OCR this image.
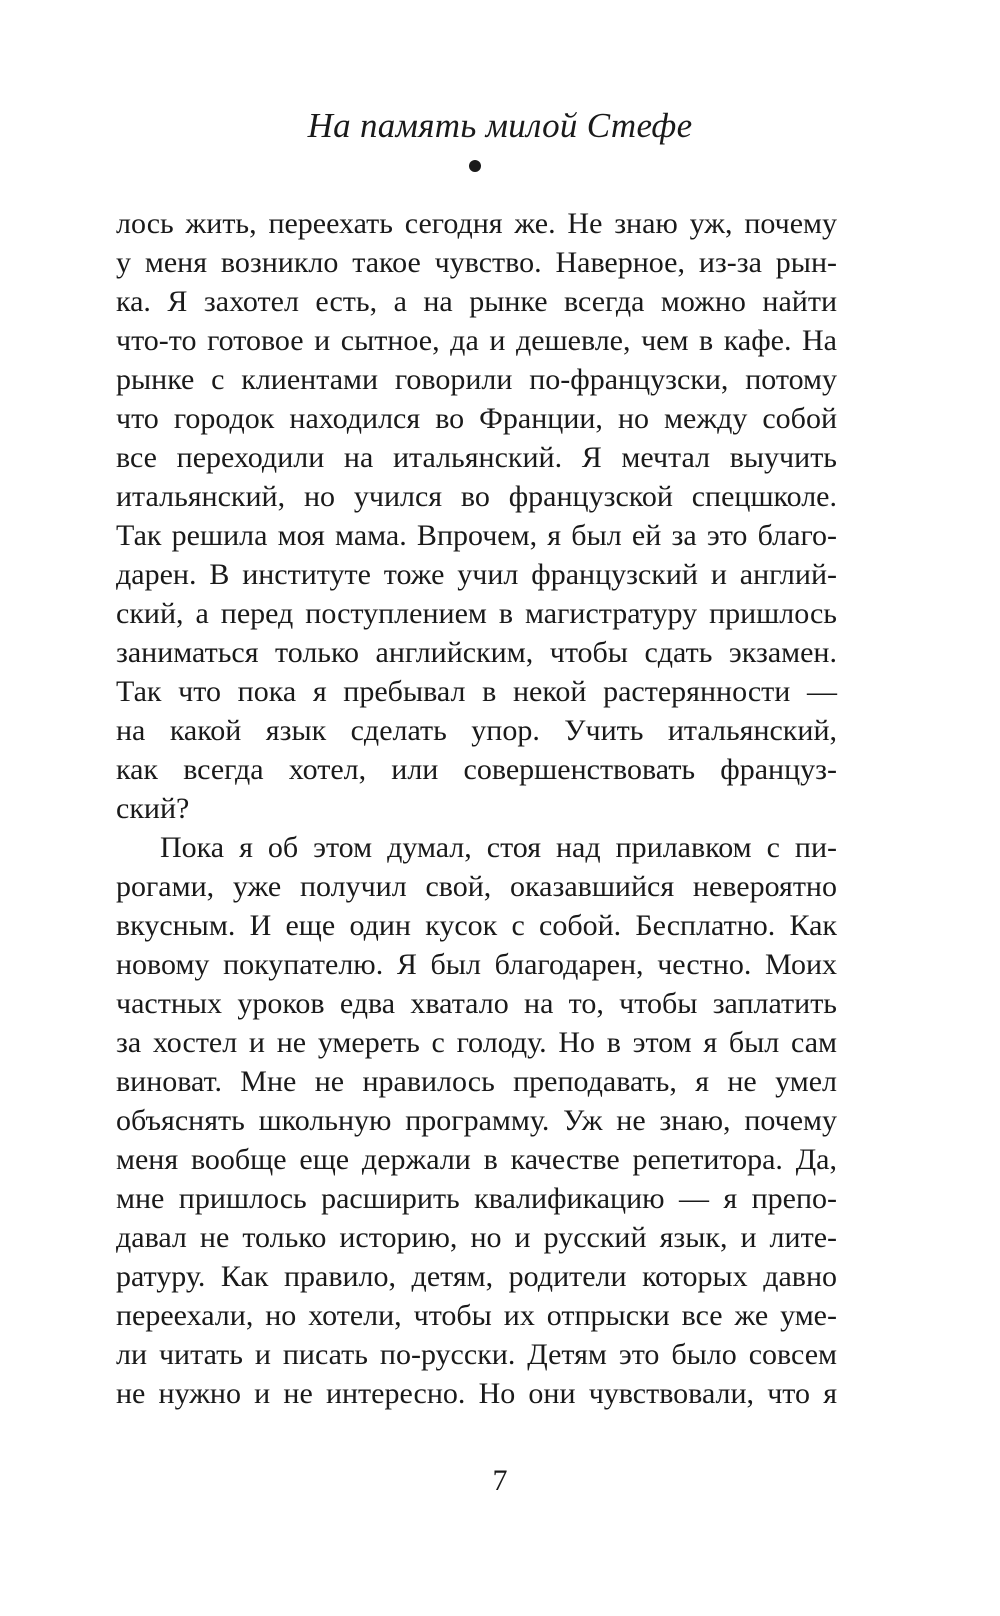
На память милой Стефе
лось жить, переехать сегодня же. Не знаю уж, почему
у меня возникло такое чувство. Наверное, из-за рын-
ка. Я захотел есть, а на рынке всегда можно найти
что-то готовое и сытное, да и дешевле, чем в кафе. На
рынке с клиентами говорили по-французски, потому
что городок находился во Франции, но между собой
все переходили на итальянский. Я мечтал выучить
итальянский, но учился во французской спецшколе.
Так решила моя мама. Впрочем, я был ей за это благо-
дарен. В институте тоже учил французский и англий-
ский, а перед поступлением в магистратуру пришлось
заниматься только английским, чтобы сдать экзамен.
Так что пока я пребывал в некой растерянности —
на какой язык сделать упор. Учить итальянский,
как всегда хотел, или совершенствовать француз-
ский?
Пока я об этом думал, стоя над прилавком с пи-
рогами, уже получил свой, оказавшийся невероятно
вкусным. И еще один кусок с собой. Бесплатно. Как
новому покупателю. Я был благодарен, честно. Моих
частных уроков едва хватало на то, чтобы заплатить
за хостел и не умереть с голоду. Но в этом я был сам
виноват. Мне не нравилось преподавать, я не умел
объяснять школьную программу. Уж не знаю, почему
меня вообще еще держали в качестве репетитора. Да,
мне пришлось расширить квалификацию — я препо-
давал не только историю, но и русский язык, и лите-
ратуру. Как правило, детям, родители которых давно
переехали, но хотели, чтобы их отпрыски все же уме-
ли читать и писать по-русски. Детям это было совсем
не нужно и не интересно. Но они чувствовали, что я
7
